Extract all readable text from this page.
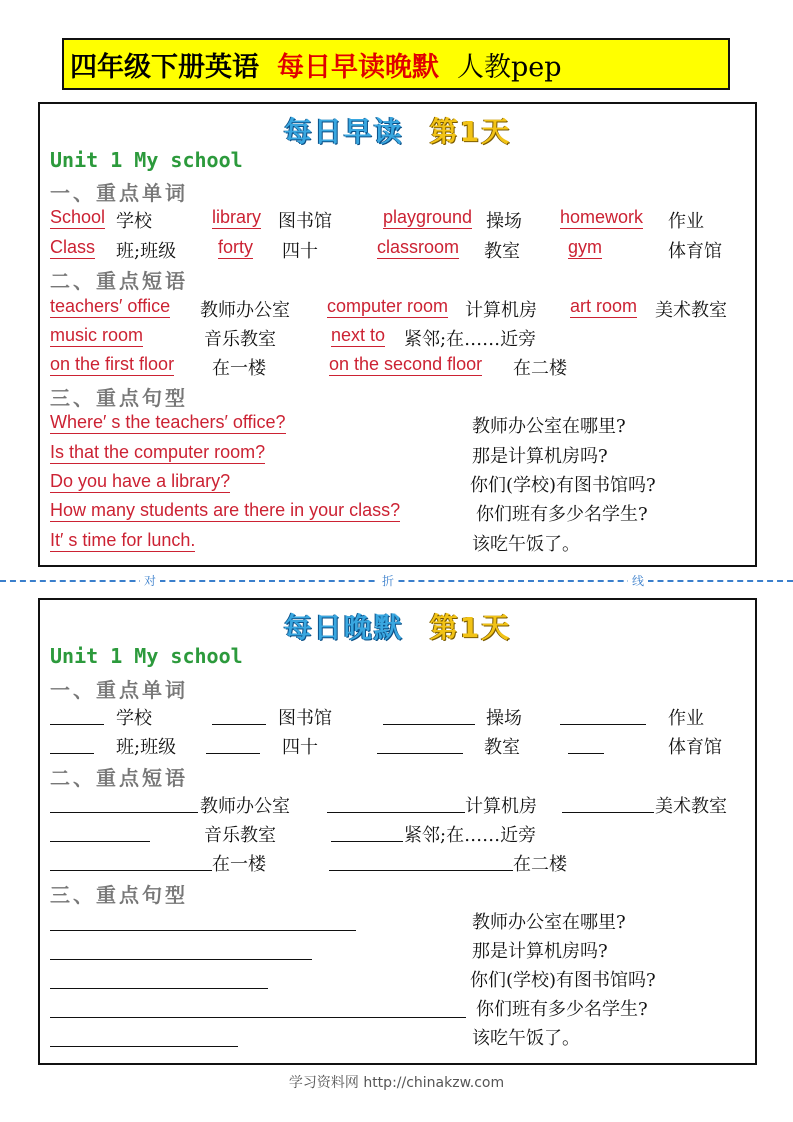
四年级下册英语 每日早读晚默 人教pep
每日早读 第1天
Unit 1 My school
一、重点单词
School 学校	library 图书馆	playground 操场 homework 作业
Class 班;班级 forty 四十	classroom 教室	gym	体育馆
二、重点短语
teachers′ office 教师办公室 computer room 计算机房 art room 美术教室
music room	音乐教室	next to 紧邻;在……近旁
on the first floor 在一楼	on the second floor 在二楼
三、重点句型
Where′ s the teachers′ office?	教师办公室在哪里?
Is that the computer room?	那是计算机房吗?
Do you have a library?	你们(学校)有图书馆吗?
How many students are there in your class?	你们班有多少名学生?
It′ s time for lunch.	该吃午饭了。
对	折	线
每日晚默 第1天
Unit 1 My school
一、重点单词
学校	图书馆	操场	作业
班;班级	四十	教室	体育馆
二、重点短语
教师办公室	计算机房	美术教室
音乐教室	紧邻;在……近旁
在一楼	在二楼
三、重点句型
教师办公室在哪里?
那是计算机房吗?
你们(学校)有图书馆吗?
你们班有多少名学生?
该吃午饭了。
学习资料网 http://chinakzw.com
